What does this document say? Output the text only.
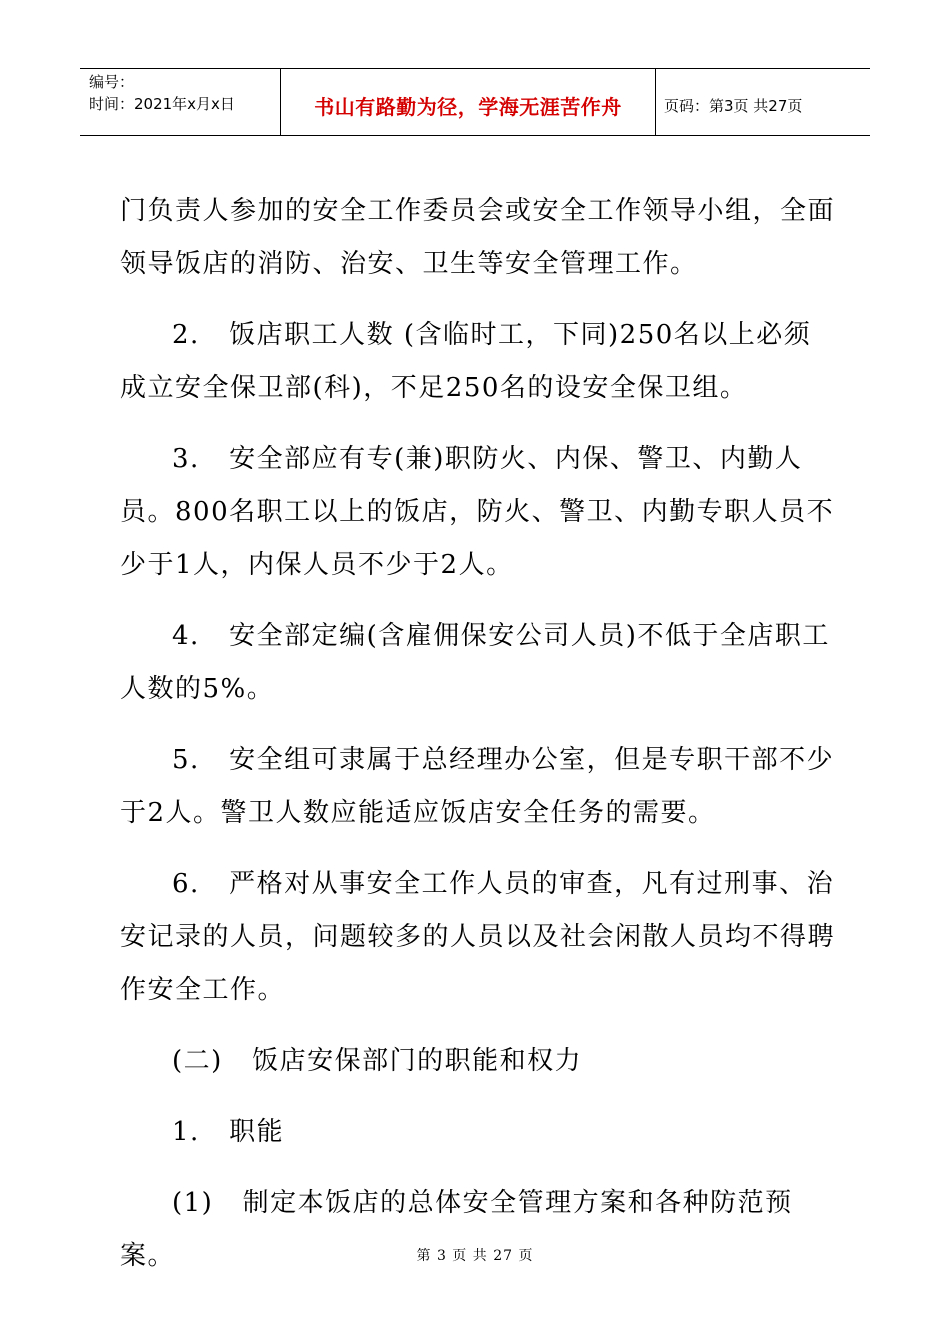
编号：
时间：2021年x月x日	书山有路勤为径，学海无涯苦作舟	页码：第3页 共27页

门负责人参加的安全工作委员会或安全工作领导小组，全面领导饭店的消防、治安、卫生等安全管理工作。

2.   饭店职工人数 (含临时工，下同)250名以上必须成立安全保卫部(科)，不足250名的设安全保卫组。

3.   安全部应有专(兼)职防火、内保、警卫、内勤人员。800名职工以上的饭店，防火、警卫、内勤专职人员不少于1人，内保人员不少于2人。

4.   安全部定编(含雇佣保安公司人员)不低于全店职工人数的5%。

5.   安全组可隶属于总经理办公室，但是专职干部不少于2人。警卫人数应能适应饭店安全任务的需要。

6.   严格对从事安全工作人员的审查，凡有过刑事、治安记录的人员，问题较多的人员以及社会闲散人员均不得聘作安全工作。

(二)   饭店安保部门的职能和权力

1.   职能

(1)   制定本饭店的总体安全管理方案和各种防范预案。	第 3 页 共 27 页
